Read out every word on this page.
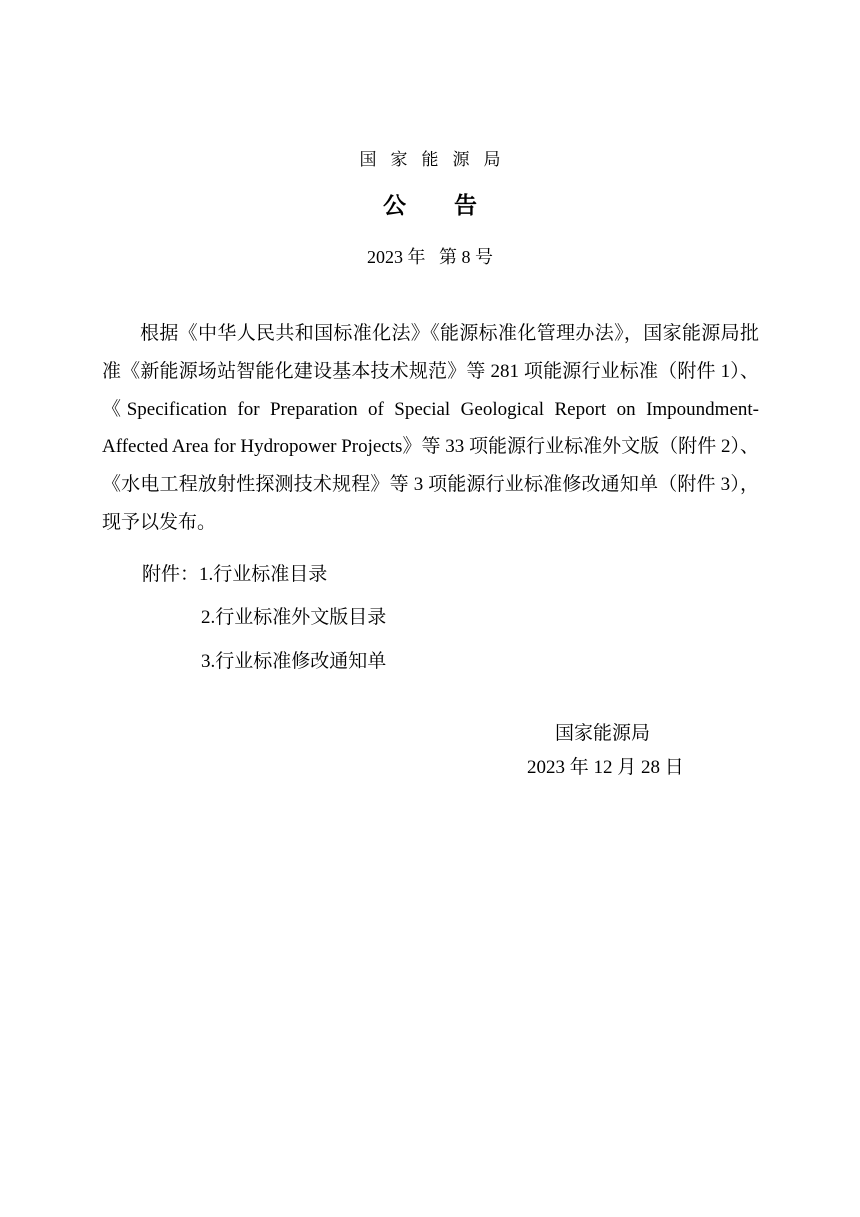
国家能源局
公 告
2023 年   第 8 号

根据《中华人民共和国标准化法》《能源标准化管理办法》，国家能源局批准《新能源场站智能化建设基本技术规范》等 281 项能源行业标准（附件 1）、《Specification for Preparation of Special Geological Report on Impoundment-Affected Area for Hydropower Projects》等 33 项能源行业标准外文版（附件 2）、《水电工程放射性探测技术规程》等 3 项能源行业标准修改通知单（附件 3），现予以发布。

附件： 1.行业标准目录
2.行业标准外文版目录
3.行业标准修改通知单
国家能源局
2023 年 12 月 28 日
